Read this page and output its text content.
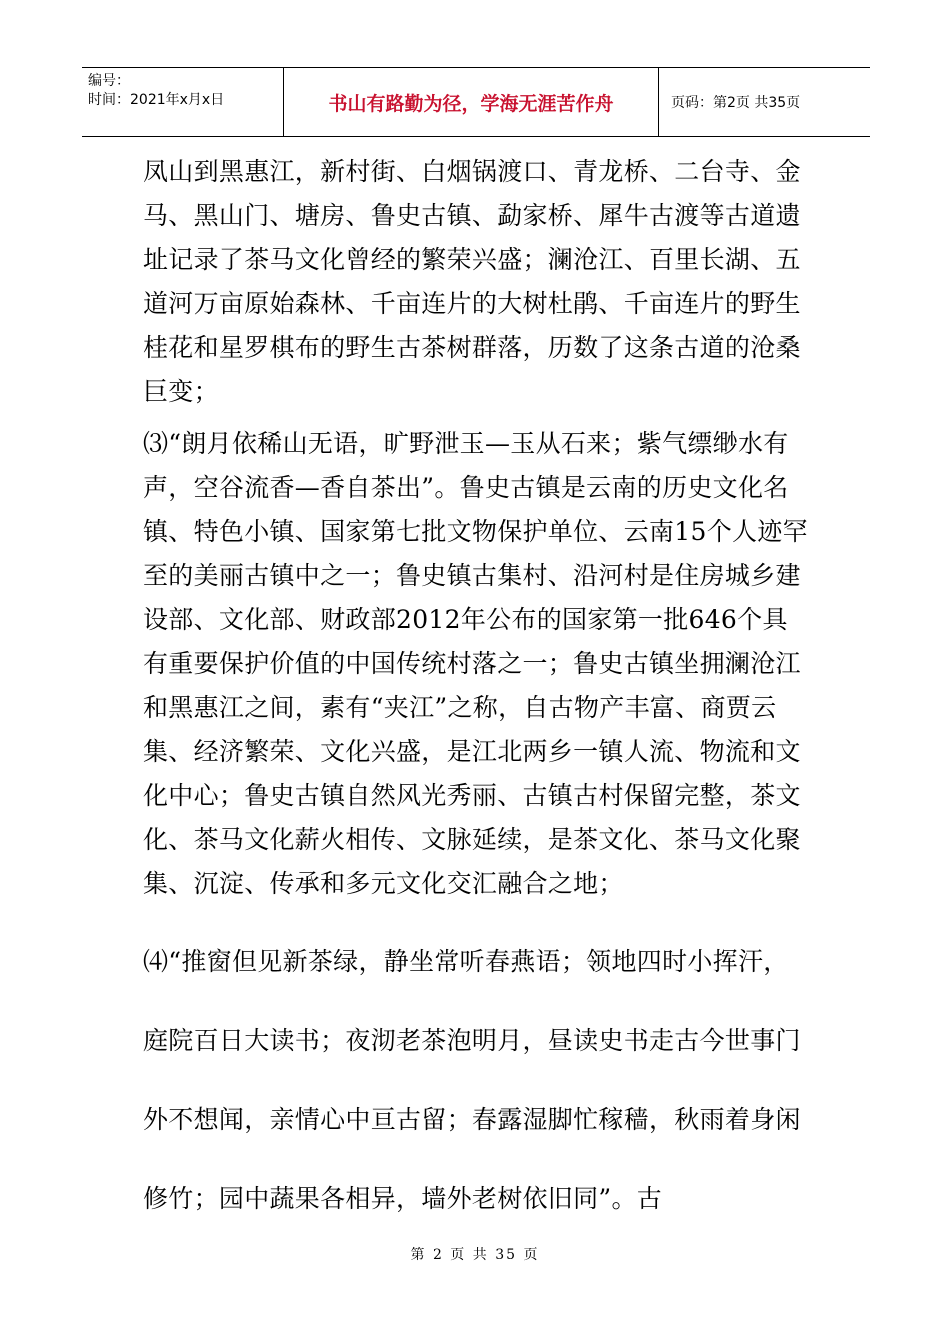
编号：
时间：2021年x月x日	书山有路勤为径，学海无涯苦作舟	页码：第2页 共35页

凤山到黑惠江，新村街、白烟锅渡口、青龙桥、二台寺、金马、黑山门、塘房、鲁史古镇、勐家桥、犀牛古渡等古道遗址记录了茶马文化曾经的繁荣兴盛；澜沧江、百里长湖、五道河万亩原始森林、千亩连片的大树杜鹃、千亩连片的野生桂花和星罗棋布的野生古茶树群落，历数了这条古道的沧桑巨变；

⑶“朗月依稀山无语，旷野泄玉—玉从石来；紫气缥缈水有声，空谷流香—香自茶出”。鲁史古镇是云南的历史文化名镇、特色小镇、国家第七批文物保护单位、云南15个人迹罕至的美丽古镇中之一；鲁史镇古集村、沿河村是住房城乡建设部、文化部、财政部2012年公布的国家第一批646个具有重要保护价值的中国传统村落之一；鲁史古镇坐拥澜沧江和黑惠江之间，素有“夹江”之称，自古物产丰富、商贾云集、经济繁荣、文化兴盛，是江北两乡一镇人流、物流和文化中心；鲁史古镇自然风光秀丽、古镇古村保留完整，茶文化、茶马文化薪火相传、文脉延续，是茶文化、茶马文化聚集、沉淀、传承和多元文化交汇融合之地；

⑷“推窗但见新茶绿，静坐常听春燕语；领地四时小挥汗，庭院百日大读书；夜沏老茶泡明月，昼读史书走古今世事门外不想闻，亲情心中亘古留；春露湿脚忙稼穑，秋雨着身闲修竹；园中蔬果各相异，墙外老树依旧同”。古

第 2 页 共 35 页
